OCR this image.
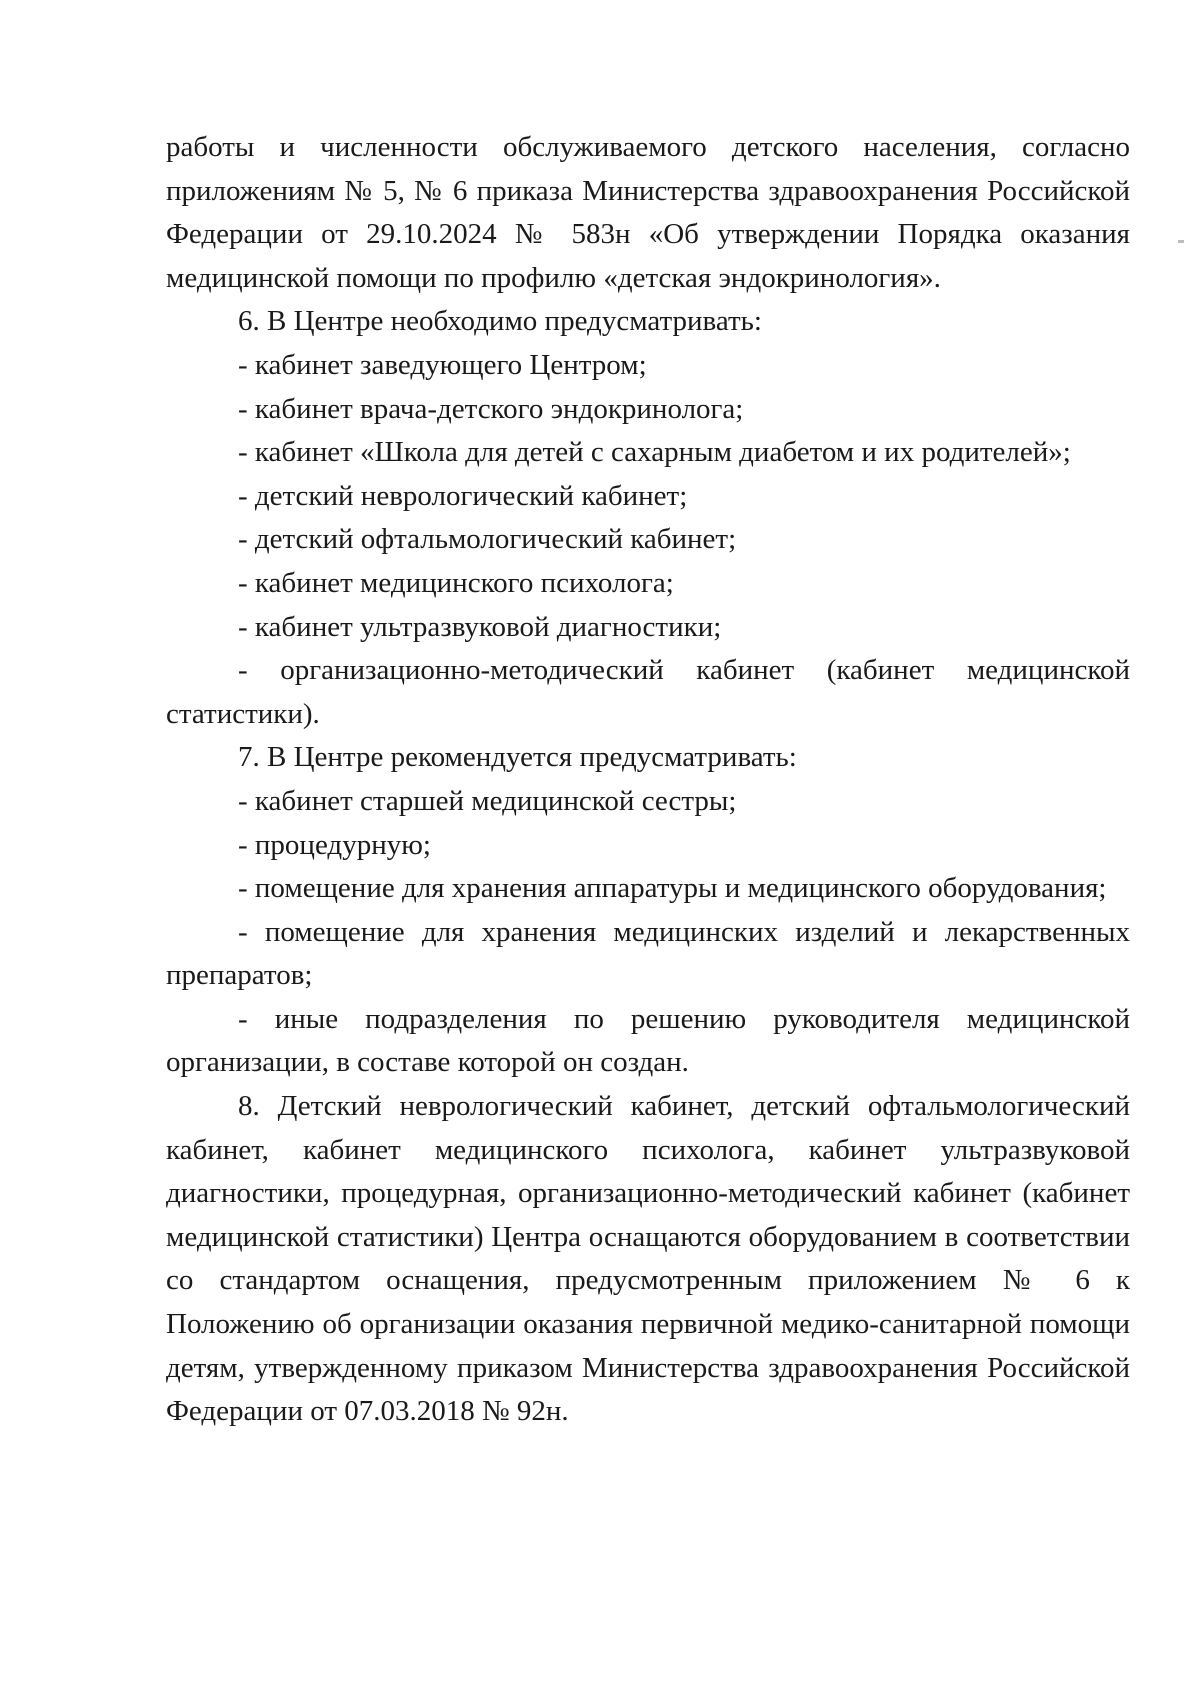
работы и численности обслуживаемого детского населения, согласно приложениям № 5, № 6 приказа Министерства здравоохранения Российской Федерации от 29.10.2024 № 583н «Об утверждении Порядка оказания медицинской помощи по профилю «детская эндокринология».

6. В Центре необходимо предусматривать:

- кабинет заведующего Центром;

- кабинет врача-детского эндокринолога;

- кабинет «Школа для детей с сахарным диабетом и их родителей»;

- детский неврологический кабинет;

- детский офтальмологический кабинет;

- кабинет медицинского психолога;

- кабинет ультразвуковой диагностики;

- организационно-методический кабинет (кабинет медицинской статистики).

7. В Центре рекомендуется предусматривать:

- кабинет старшей медицинской сестры;

- процедурную;

- помещение для хранения аппаратуры и медицинского оборудования;

- помещение для хранения медицинских изделий и лекарственных препаратов;

- иные подразделения по решению руководителя медицинской организации, в составе которой он создан.

8. Детский неврологический кабинет, детский офтальмологический кабинет, кабинет медицинского психолога, кабинет ультразвуковой диагностики, процедурная, организационно-методический кабинет (кабинет медицинской статистики) Центра оснащаются оборудованием в соответствии со стандартом оснащения, предусмотренным приложением № 6 к Положению об организации оказания первичной медико-санитарной помощи детям, утвержденному приказом Министерства здравоохранения Российской Федерации от 07.03.2018 № 92н.
